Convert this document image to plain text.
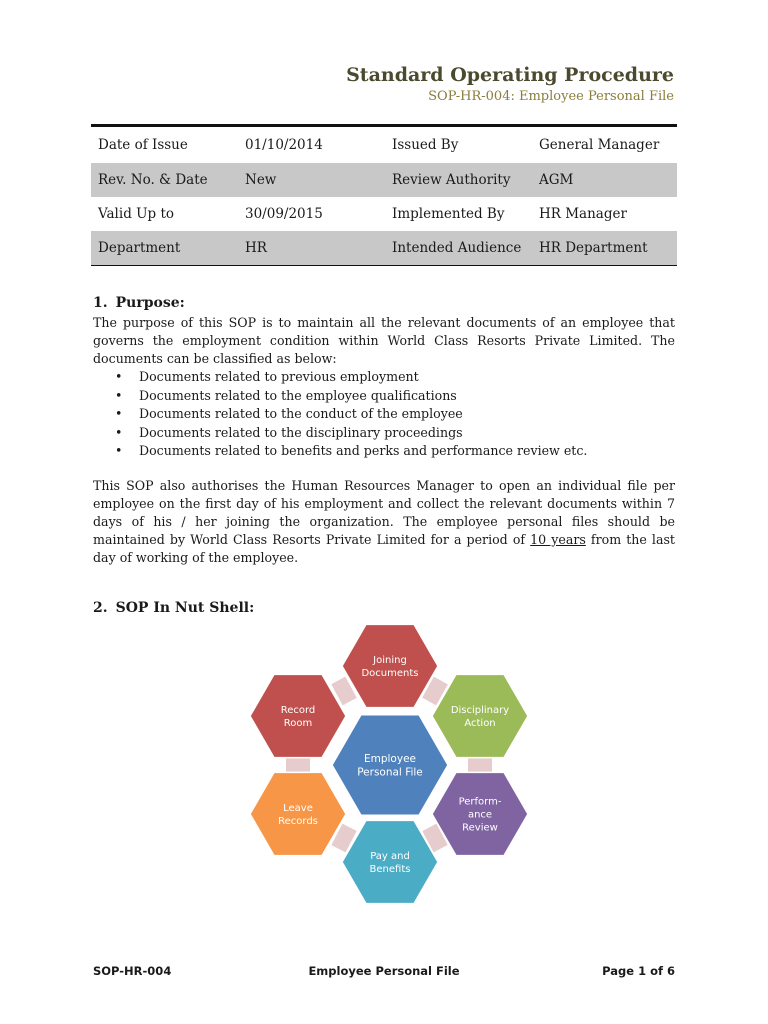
Standard Operating Procedure
SOP-HR-004: Employee Personal File
Date of Issue	01/10/2014	Issued By	General Manager
Rev. No. & Date	New	Review Authority	AGM
Valid Up to	30/09/2015	Implemented By	HR Manager
Department	HR	Intended Audience	HR Department
1. Purpose:
The purpose of this SOP is to maintain all the relevant documents of an employee that governs the employment condition within World Class Resorts Private Limited. The documents can be classified as below:
• Documents related to previous employment
• Documents related to the employee qualifications
• Documents related to the conduct of the employee
• Documents related to the disciplinary proceedings
• Documents related to benefits and perks and performance review etc.
This SOP also authorises the Human Resources Manager to open an individual file per employee on the first day of his employment and collect the relevant documents within 7 days of his / her joining the organization. The employee personal files should be maintained by World Class Resorts Private Limited for a period of 10 years from the last day of working of the employee.
2. SOP In Nut Shell:
Joining
Documents
Disciplinary
Action
Perform-
ance
Review
Pay and
Benefits
Leave
Records
Record
Room
Employee
Personal File
SOP-HR-004	Employee Personal File	Page 1 of 6
